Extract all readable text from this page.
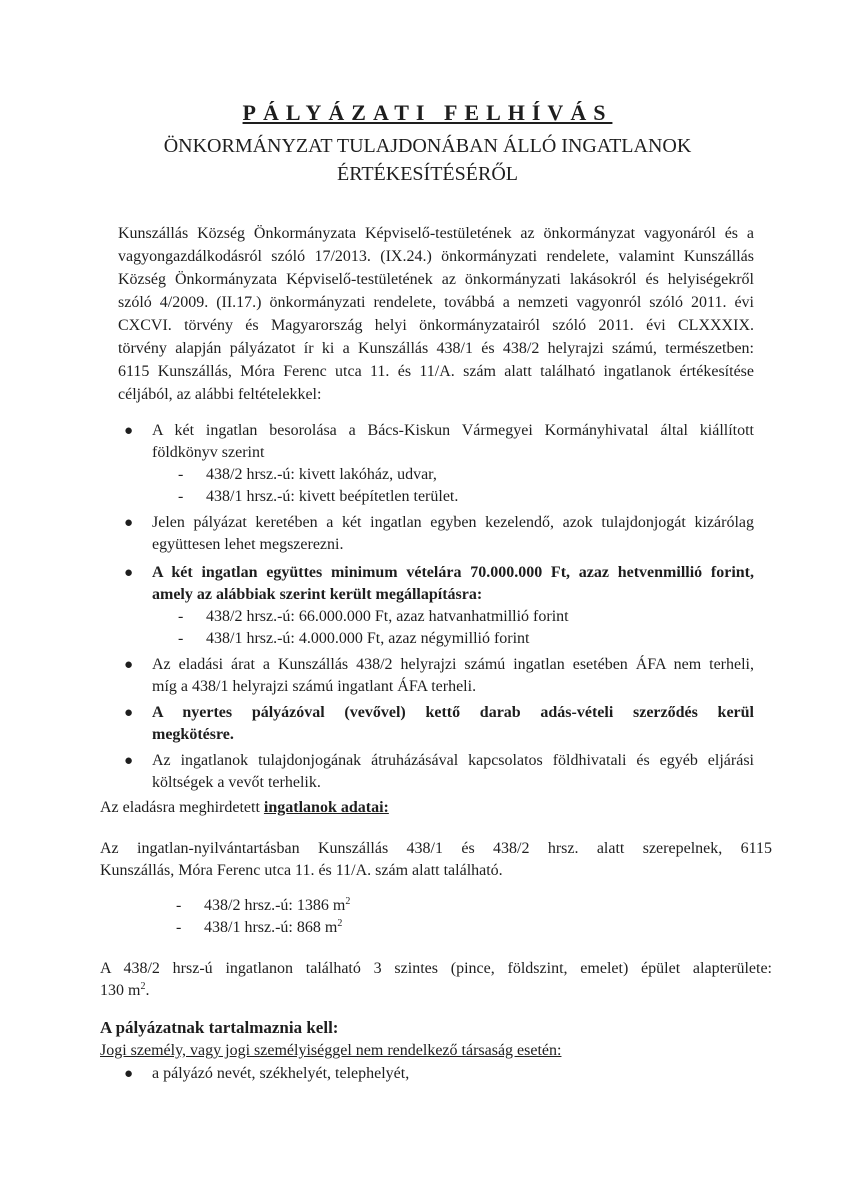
PÁLYÁZATI FELHÍVÁS
ÖNKORMÁNYZAT TULAJDONÁBAN ÁLLÓ INGATLANOK
ÉRTÉKESÍTÉSÉRŐL
Kunszállás Község Önkormányzata Képviselő-testületének az önkormányzat vagyonáról és a
vagyongazdálkodásról szóló 17/2013. (IX.24.) önkormányzati rendelete, valamint Kunszállás
Község Önkormányzata Képviselő-testületének az önkormányzati lakásokról és helyiségekről
szóló 4/2009. (II.17.) önkormányzati rendelete, továbbá a nemzeti vagyonról szóló 2011. évi
CXCVI. törvény és Magyarország helyi önkormányzatairól szóló 2011. évi CLXXXIX.
törvény alapján pályázatot ír ki a Kunszállás 438/1 és 438/2 helyrajzi számú, természetben:
6115 Kunszállás, Móra Ferenc utca 11. és 11/A. szám alatt található ingatlanok értékesítése
céljából, az alábbi feltételekkel:
● A két ingatlan besorolása a Bács-Kiskun Vármegyei Kormányhivatal által kiállított
földkönyv szerint
- 438/2 hrsz.-ú: kivett lakóház, udvar,
- 438/1 hrsz.-ú: kivett beépítetlen terület.
● Jelen pályázat keretében a két ingatlan egyben kezelendő, azok tulajdonjogát kizárólag
együttesen lehet megszerezni.
● A két ingatlan együttes minimum vételára 70.000.000 Ft, azaz hetvenmillió forint,
amely az alábbiak szerint került megállapításra:
- 438/2 hrsz.-ú: 66.000.000 Ft, azaz hatvanhatmillió forint
- 438/1 hrsz.-ú: 4.000.000 Ft, azaz négymillió forint
● Az eladási árat a Kunszállás 438/2 helyrajzi számú ingatlan esetében ÁFA nem terheli,
míg a 438/1 helyrajzi számú ingatlant ÁFA terheli.
● A nyertes pályázóval (vevővel) kettő darab adás-vételi szerződés kerül
megkötésre.
● Az ingatlanok tulajdonjogának átruházásával kapcsolatos földhivatali és egyéb eljárási
költségek a vevőt terhelik.
Az eladásra meghirdetett ingatlanok adatai:
Az ingatlan-nyilvántartásban Kunszállás 438/1 és 438/2 hrsz. alatt szerepelnek, 6115
Kunszállás, Móra Ferenc utca 11. és 11/A. szám alatt található.
- 438/2 hrsz.-ú: 1386 $m^2$
- 438/1 hrsz.-ú: 868 $m^2$
A 438/2 hrsz-ú ingatlanon található 3 szintes (pince, földszint, emelet) épület alapterülete:
130 $m^2$.
A pályázatnak tartalmaznia kell:
Jogi személy, vagy jogi személyiséggel nem rendelkező társaság esetén:
● a pályázó nevét, székhelyét, telephelyét,
